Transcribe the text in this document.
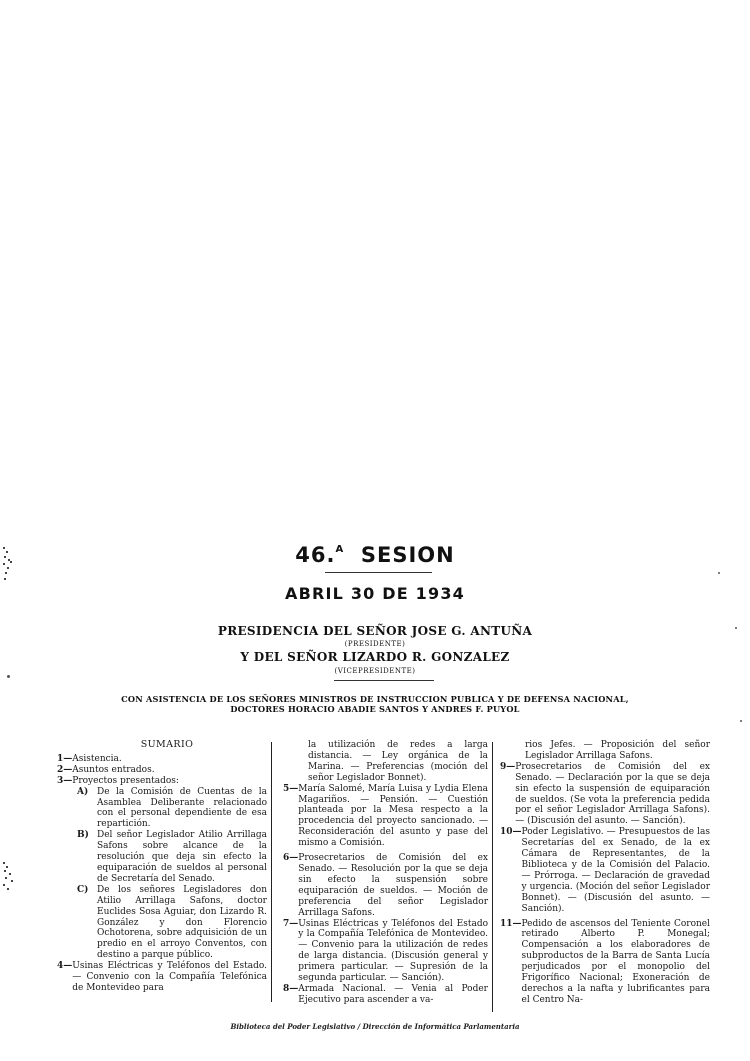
46.$^A$ SESION
ABRIL 30 DE 1934
PRESIDENCIA DEL SEÑOR JOSE G. ANTUÑA
(PRESIDENTE)
Y DEL SEÑOR LIZARDO R. GONZALEZ
(VICEPRESIDENTE)
CON ASISTENCIA DE LOS SEÑORES MINISTROS DE INSTRUCCION PUBLICA Y DE DEFENSA NACIONAL,
DOCTORES HORACIO ABADIE SANTOS Y ANDRES F. PUYOL
SUMARIO
1— Asistencia.
2— Asuntos entrados.
3— Proyectos presentados:
A) De la Comisión de Cuentas de la Asamblea Deliberante relacionado con el personal dependiente de esa repartición.
B) Del señor Legislador Atilio Arrillaga Safons sobre alcance de la resolución que deja sin efecto la equiparación de sueldos al personal de Secretaría del Senado.
C) De los señores Legisladores don Atilio Arrillaga Safons, doctor Euclides Sosa Aguiar, don Lizardo R. González y don Florencio Ochotorena, sobre adquisición de un predio en el arroyo Conventos, con destino a parque público.
4— Usinas Eléctricas y Teléfonos del Estado. — Convenio con la Compañía Telefónica de Montevideo para
la utilización de redes a larga distancia. — Ley orgánica de la Marina. — Preferencias (moción del señor Legislador Bonnet).
5— María Salomé, María Luisa y Lydia Elena Magariños. — Pensión. — Cuestión planteada por la Mesa respecto a la procedencia del proyecto sancionado. — Reconsideración del asunto y pase del mismo a Comisión.
6— Prosecretarios de Comisión del ex Senado. — Resolución por la que se deja sin efecto la suspensión sobre equiparación de sueldos. — Moción de preferencia del señor Legislador Arrillaga Safons.
7— Usinas Eléctricas y Teléfonos del Estado y la Compañía Telefónica de Montevideo. — Convenio para la utilización de redes de larga distancia. (Discusión general y primera particular. — Supresión de la segunda particular. — Sanción).
8— Armada Nacional. — Venia al Poder Ejecutivo para ascender a va-
rios Jefes. — Proposición del señor Legislador Arrillaga Safons.
9— Prosecretarios de Comisión del ex Senado. — Declaración por la que se deja sin efecto la suspensión de equiparación de sueldos. (Se vota la preferencia pedida por el señor Legislador Arrillaga Safons). — (Discusión del asunto. — Sanción).
10— Poder Legislativo. — Presupuestos de las Secretarías del ex Senado, de la ex Cámara de Representantes, de la Biblioteca y de la Comisión del Palacio. — Prórroga. — Declaración de gravedad y urgencia. (Moción del señor Legislador Bonnet). — (Discusión del asunto. — Sanción).
11— Pedido de ascensos del Teniente Coronel retirado Alberto P. Monegal; Compensación a los elaboradores de subproductos de la Barra de Santa Lucía perjudicados por el monopolio del Frigorífico Nacional; Exoneración de derechos a la nafta y lubrificantes para el Centro Na-
Biblioteca del Poder Legislativo / Dirección de Informática Parlamentaria
